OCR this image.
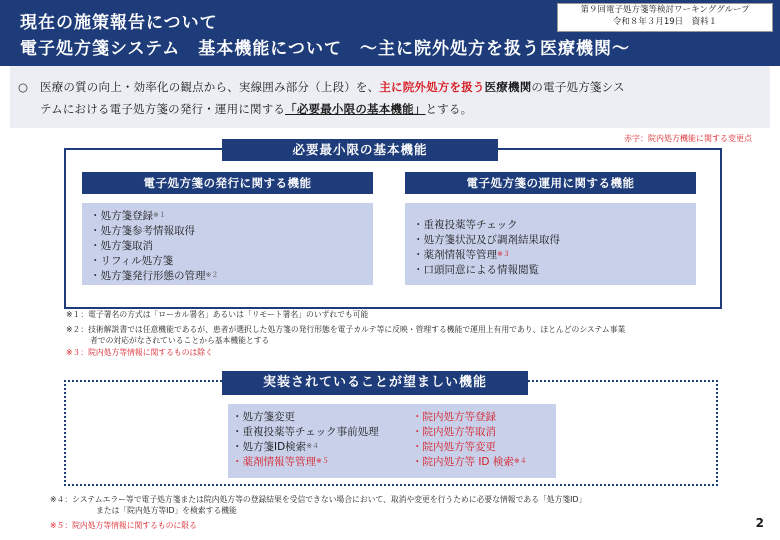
現在の施策報告について
電子処方箋システム　基本機能について　～主に院外処方を扱う医療機関～
第９回電子処方箋等検討ワーキンググループ
令和８年３月19日　資料１
○ 医療の質の向上・効率化の観点から、実線囲み部分（上段）を、主に院外処方を扱う医療機関の電子処方箋シス
テムにおける電子処方箋の発行・運用に関する「必要最小限の基本機能」とする。
赤字：院内処方機能に関する変更点
必要最小限の基本機能
電子処方箋の発行に関する機能	電子処方箋の運用に関する機能
・処方箋登録$^{※1}$
・処方箋参考情報取得
・処方箋取消
・リフィル処方箋
・処方箋発行形態の管理$^{※2}$
・重複投薬等チェック
・処方箋状況及び調剤結果取得
・薬剤情報等管理$^{※3}$
・口頭同意による情報閲覧
※１：電子署名の方式は「ローカル署名」あるいは「リモート署名」のいずれでも可能
※２：技術解説書では任意機能であるが、患者が選択した処方箋の発行形態を電子カルテ等に反映・管理する機能で運用上有用であり、ほとんどのシステム事業
者での対応がなされていることから基本機能とする
※３：院内処方等情報に関するものは除く
実装されていることが望ましい機能
・処方箋変更
・重複投薬等チェック事前処理
・処方箋ID検索$^{※4}$
・薬剤情報等管理$^{※5}$
・院内処方等登録
・院内処方等取消
・院内処方等変更
・院内処方等 ID 検索$^{※4}$
※４：システムエラー等で電子処方箋または院内処方等の登録結果を受信できない場合において、取消や変更を行うために必要な情報である「処方箋ID」
または「院内処方等ID」を検索する機能
※５：院内処方等情報に関するものに限る	2
